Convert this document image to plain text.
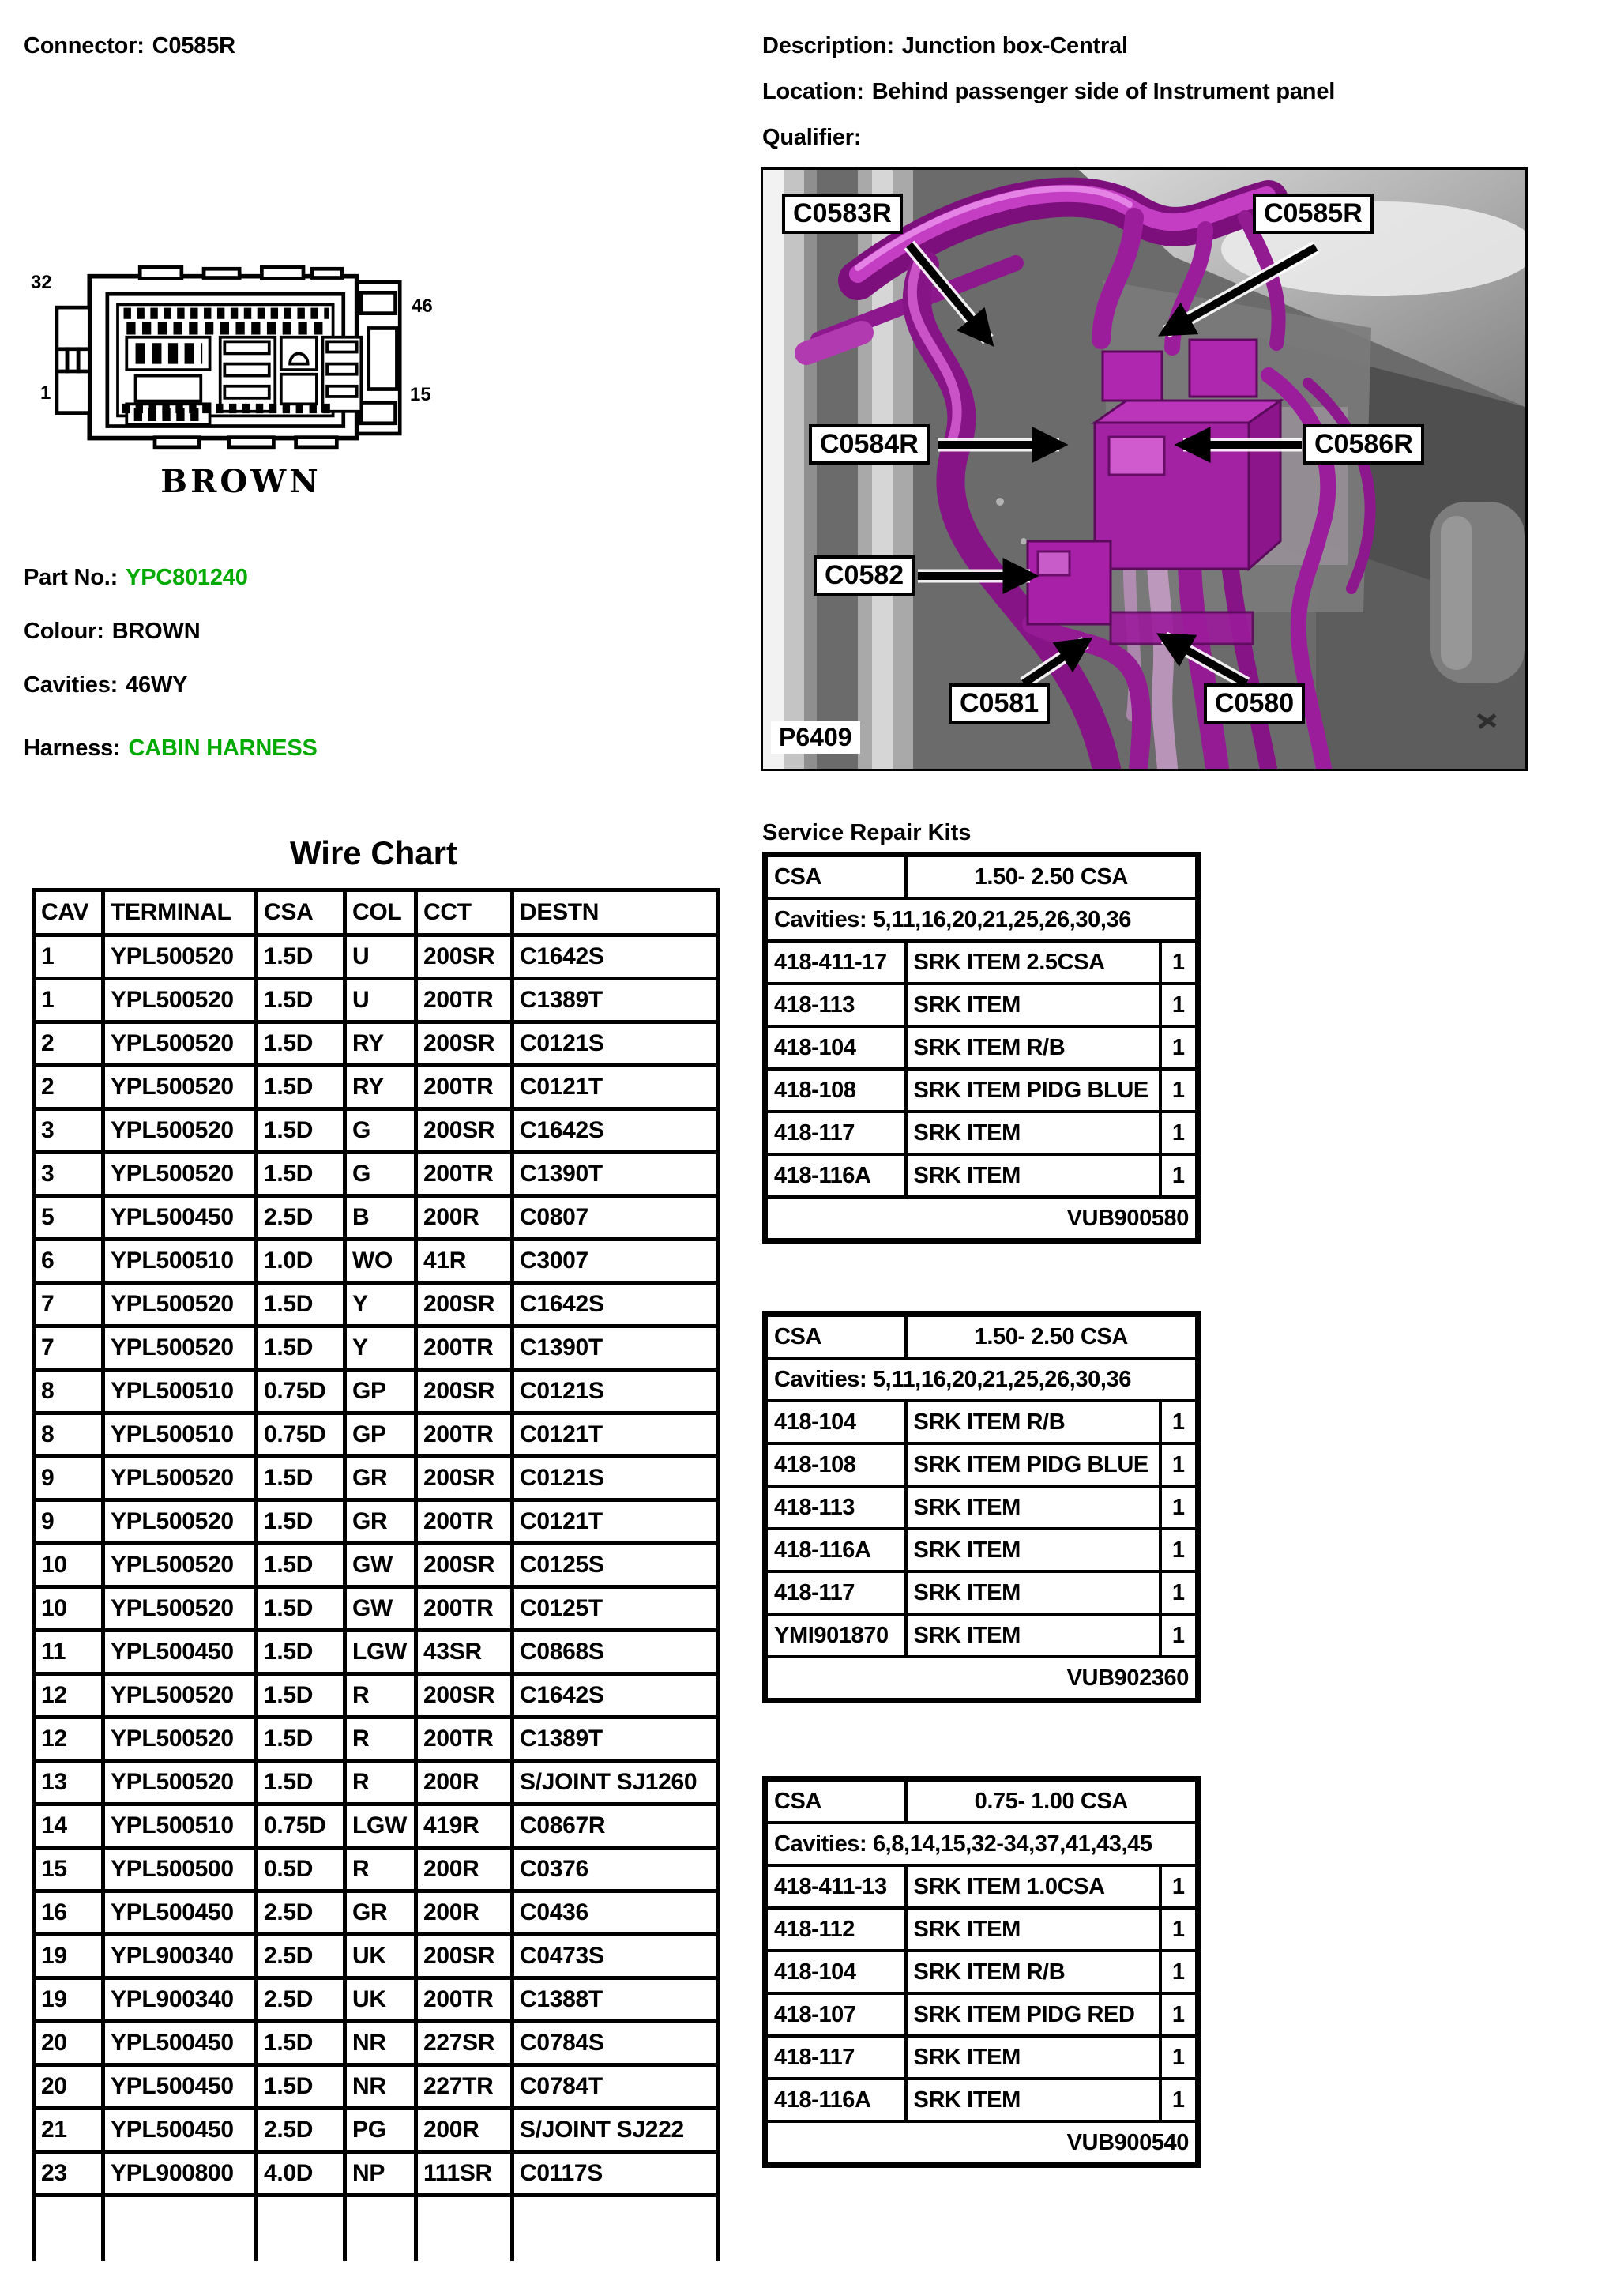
Connector: C0585R	Description: Junction box-Central
Location: Behind passenger side of Instrument panel
Qualifier:
32
1
46
15
BROWN
Part No.: YPC801240
Colour: BROWN
Cavities: 46WY
Harness: CABIN HARNESS
C0583R	C0585R
C0584R	C0586R
C0582
C0581	C0580
P6409
Wire Chart
CAV	TERMINAL	CSA	COL	CCT	DESTN
1	YPL500520	1.5D	U	200SR	C1642S
1	YPL500520	1.5D	U	200TR	C1389T
2	YPL500520	1.5D	RY	200SR	C0121S
2	YPL500520	1.5D	RY	200TR	C0121T
3	YPL500520	1.5D	G	200SR	C1642S
3	YPL500520	1.5D	G	200TR	C1390T
5	YPL500450	2.5D	B	200R	C0807
6	YPL500510	1.0D	WO	41R	C3007
7	YPL500520	1.5D	Y	200SR	C1642S
7	YPL500520	1.5D	Y	200TR	C1390T
8	YPL500510	0.75D	GP	200SR	C0121S
8	YPL500510	0.75D	GP	200TR	C0121T
9	YPL500520	1.5D	GR	200SR	C0121S
9	YPL500520	1.5D	GR	200TR	C0121T
10	YPL500520	1.5D	GW	200SR	C0125S
10	YPL500520	1.5D	GW	200TR	C0125T
11	YPL500450	1.5D	LGW	43SR	C0868S
12	YPL500520	1.5D	R	200SR	C1642S
12	YPL500520	1.5D	R	200TR	C1389T
13	YPL500520	1.5D	R	200R	S/JOINT SJ1260
14	YPL500510	0.75D	LGW	419R	C0867R
15	YPL500500	0.5D	R	200R	C0376
16	YPL500450	2.5D	GR	200R	C0436
19	YPL900340	2.5D	UK	200SR	C0473S
19	YPL900340	2.5D	UK	200TR	C1388T
20	YPL500450	1.5D	NR	227SR	C0784S
20	YPL500450	1.5D	NR	227TR	C0784T
21	YPL500450	2.5D	PG	200R	S/JOINT SJ222
23	YPL900800	4.0D	NP	111SR	C0117S

Service Repair Kits
CSA	1.50- 2.50 CSA	
Cavities: 5,11,16,20,21,25,26,30,36		
418-411-17	SRK ITEM 2.5CSA	1
418-113	SRK ITEM	1
418-104	SRK ITEM R/B	1
418-108	SRK ITEM PIDG BLUE	1
418-117	SRK ITEM	1
418-116A	SRK ITEM	1
VUB900580		
CSA	1.50- 2.50 CSA	
Cavities: 5,11,16,20,21,25,26,30,36		
418-104	SRK ITEM R/B	1
418-108	SRK ITEM PIDG BLUE	1
418-113	SRK ITEM	1
418-116A	SRK ITEM	1
418-117	SRK ITEM	1
YMI901870	SRK ITEM	1
VUB902360		
CSA	0.75- 1.00 CSA	
Cavities: 6,8,14,15,32-34,37,41,43,45		
418-411-13	SRK ITEM 1.0CSA	1
418-112	SRK ITEM	1
418-104	SRK ITEM R/B	1
418-107	SRK ITEM PIDG RED	1
418-117	SRK ITEM	1
418-116A	SRK ITEM	1
VUB900540		
